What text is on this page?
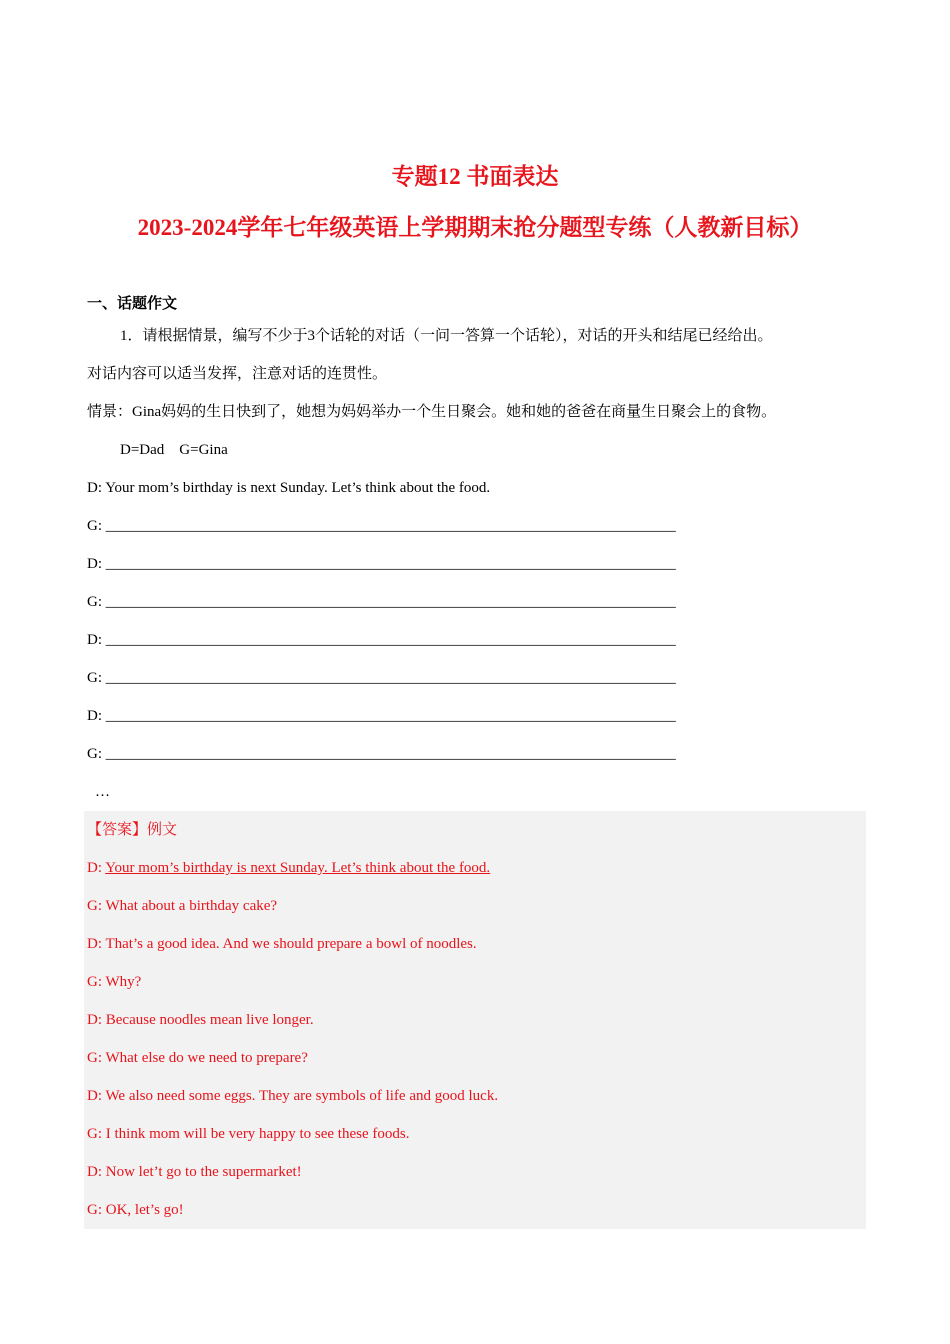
专题12 书面表达
2023-2024学年七年级英语上学期期末抢分题型专练（人教新目标）
一、话题作文
1．请根据情景，编写不少于3个话轮的对话（一问一答算一个话轮），对话的开头和结尾已经给出。
对话内容可以适当发挥，注意对话的连贯性。
情景：Gina妈妈的生日快到了，她想为妈妈举办一个生日聚会。她和她的爸爸在商量生日聚会上的食物。
D=Dad    G=Gina
D: Your mom’s birthday is next Sunday. Let’s think about the food.
G: ____________________________________________________________________________
D: ____________________________________________________________________________
G: ____________________________________________________________________________
D: ____________________________________________________________________________
G: ____________________________________________________________________________
D: ____________________________________________________________________________
G: ____________________________________________________________________________
…
【答案】例文
D: Your mom’s birthday is next Sunday. Let’s think about the food.
G: What about a birthday cake?
D: That’s a good idea. And we should prepare a bowl of noodles.
G: Why?
D: Because noodles mean live longer.
G: What else do we need to prepare?
D: We also need some eggs. They are symbols of life and good luck.
G: I think mom will be very happy to see these foods.
D: Now let’t go to the supermarket!
G: OK, let’s go!
